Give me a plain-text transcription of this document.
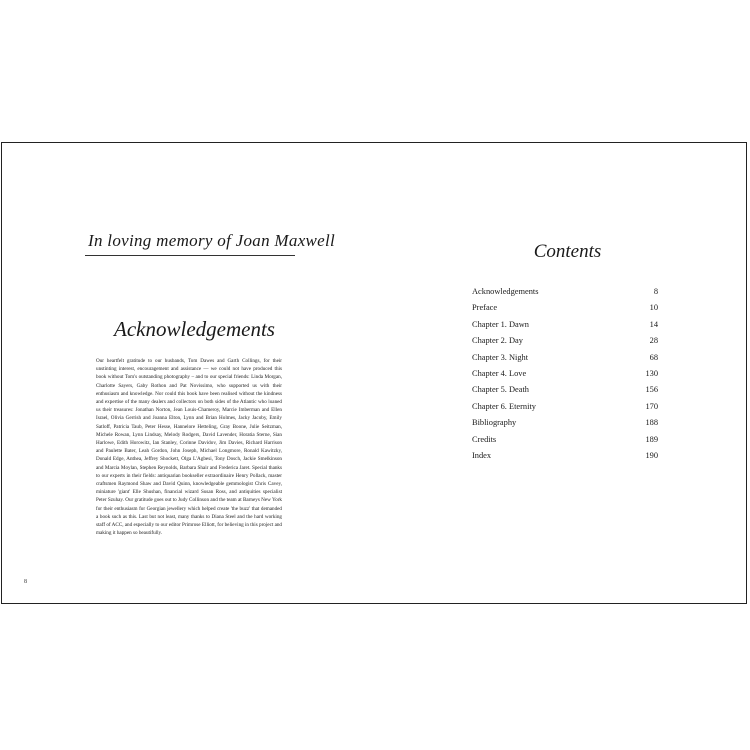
In loving memory of Joan Maxwell
Acknowledgements

Our heartfelt gratitude to our husbands, Tom Dawes and Garth Collings, for their unstinting interest, encouragement and assistance — we could not have produced this book without Tom's outstanding photography – and to our special friends: Linda Morgan, Charlotte Sayers, Gaby Rothon and Pat Novissimo, who supported us with their enthusiasm and knowledge. Nor could this book have been realised without the kindness and expertise of the many dealers and collectors on both sides of the Atlantic who loaned us their treasures: Jonathan Norton, Jean Louis-Chameroy, Marcie Imberman and Ellen Israel, Olivia Gerrish and Joanna Elton, Lynn and Brian Holmes, Jacky Jacoby, Emily Satloff, Patricia Taub, Peter Hesse, Hannelore Hetteling, Gray Boone, Julie Seitzman, Michele Rowan, Lynn Lindsay, Melody Rodgers, David Lavender, Horatia Sterne, Sian Harlowe, Edith Horowitz, Ian Stanley, Corinne Davidov, Jim Davies, Richard Harrison and Paulette Bater, Leah Gordon, John Joseph, Michael Longmore, Ronald Kawitzky, Donald Edge, Anthea, Jeffrey Shockett, Olga L'Agbesi, Tony Dosch, Jackie Smelkinson and Marcia Moylan, Stephen Reynolds, Barbara Shair and Frederica Jaret. Special thanks to our experts in their fields: antiquarian bookseller extraordinaire Henry Pollack, master craftsmen Raymond Shaw and David Quinn, knowledgeable gemmologist Chris Cavey, miniature 'giant' Elle Shushan, financial wizard Susan Ross, and antiquities specialist Peter Szuhay. Our gratitude goes out to Judy Collinson and the team at Barneys New York for their enthusiasm for Georgian jewellery which helped create 'the buzz' that demanded a book such as this. Last but not least, many thanks to Diana Steel and the hard working staff of ACC, and especially to our editor Primrose Elliott, for believing in this project and making it happen so beautifully.

8
Contents
Acknowledgements	8
Preface	10
Chapter 1. Dawn	14
Chapter 2. Day	28
Chapter 3. Night	68
Chapter 4. Love	130
Chapter 5. Death	156
Chapter 6. Eternity	170
Bibliography	188
Credits	189
Index	190
